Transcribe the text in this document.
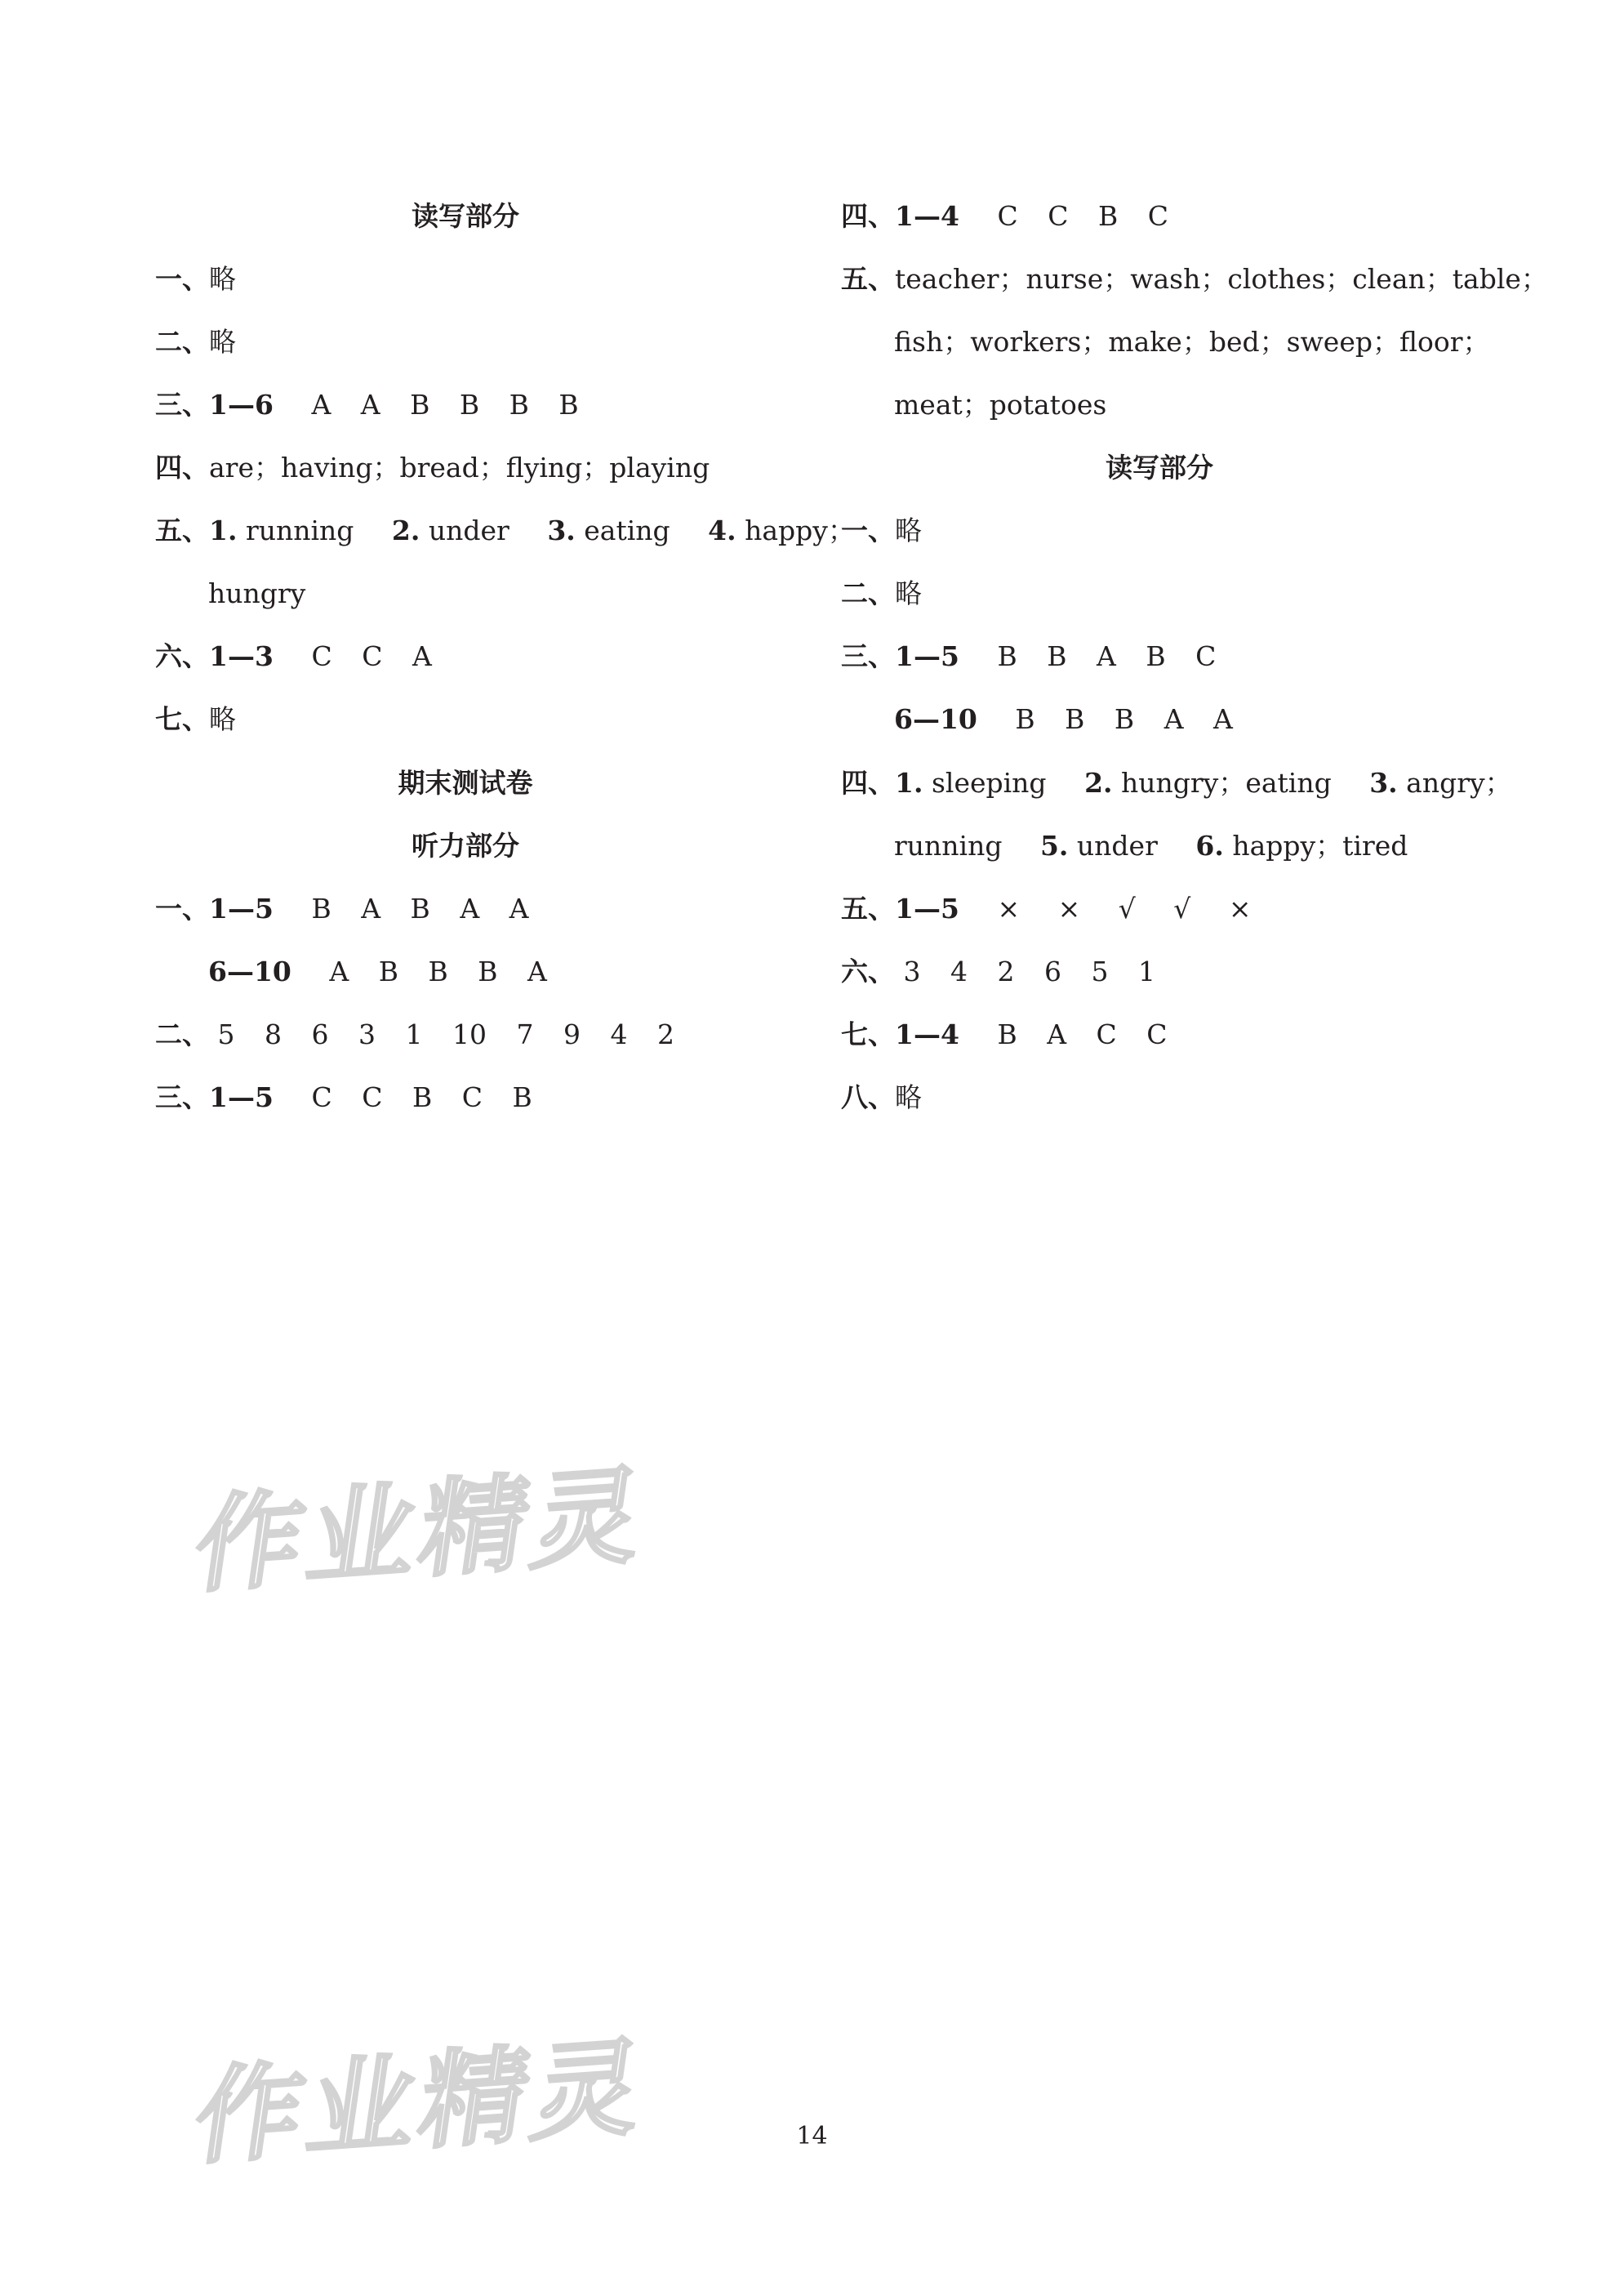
读写部分
一、略
二、略
三、1—6 A A B B B B
四、are；having；bread；flying；playing
五、1. running 2. under 3. eating 4. happy；
hungry
六、1—3 C C A
七、略
期末测试卷
听力部分
一、1—5 B A B A A
6—10 A B B B A
二、 5 8 6 3 1 10 7 9 4 2
三、1—5 C C B C B
四、1—4 C C B C
五、teacher； nurse； wash； clothes； clean； table；
fish； workers； make； bed； sweep； floor；
meat；potatoes
读写部分
一、略
二、略
三、1—5 B B A B C
6—10 B B B A A
四、1. sleeping 2. hungry；eating 3. angry；
running 5. under 6. happy；tired
五、1—5 × × √ √ ×
六、 3 4 2 6 5 1
七、1—4 B A C C
八、略
作业精灵
作业精灵	14
